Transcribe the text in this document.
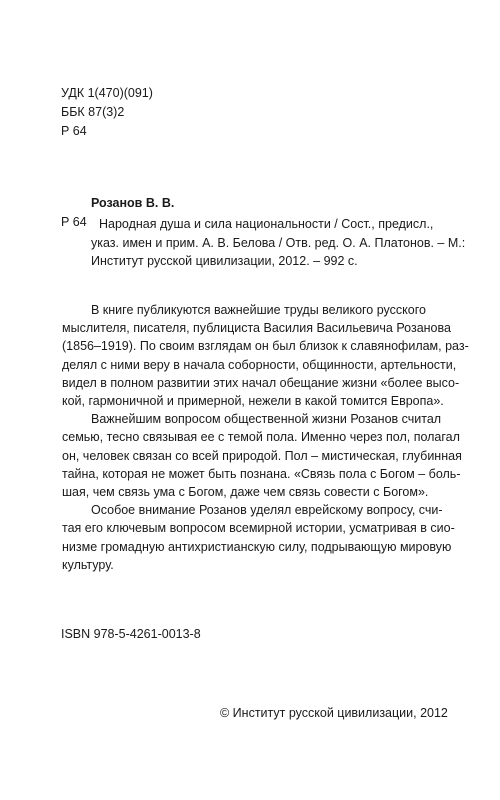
УДК 1(470)(091)
ББК 87(3)2
Р 64
Розанов В. В.
Р 64 Народная душа и сила национальности / Сост., предисл.,
указ. имен и прим. А. В. Белова / Отв. ред. О. А. Платонов. – М.:
Институт русской цивилизации, 2012. – 992 с.
В книге публикуются важнейшие труды великого русского
мыслителя, писателя, публициста Василия Васильевича Розанова
(1856–1919). По своим взглядам он был близок к славянофилам, раз-
делял с ними веру в начала соборности, общинности, артельности,
видел в полном развитии этих начал обещание жизни «более высо-
кой, гармоничной и примерной, нежели в какой томится Европа».
Важнейшим вопросом общественной жизни Розанов считал
семью, тесно связывая ее с темой пола. Именно через пол, полагал
он, человек связан со всей природой. Пол – мистическая, глубинная
тайна, которая не может быть познана. «Связь пола с Богом – боль-
шая, чем связь ума с Богом, даже чем связь совести с Богом».
Особое внимание Розанов уделял еврейскому вопросу, счи-
тая его ключевым вопросом всемирной истории, усматривая в сио-
низме громадную антихристианскую силу, подрывающую мировую
культуру.
ISBN 978-5-4261-0013-8
© Институт русской цивилизации, 2012
